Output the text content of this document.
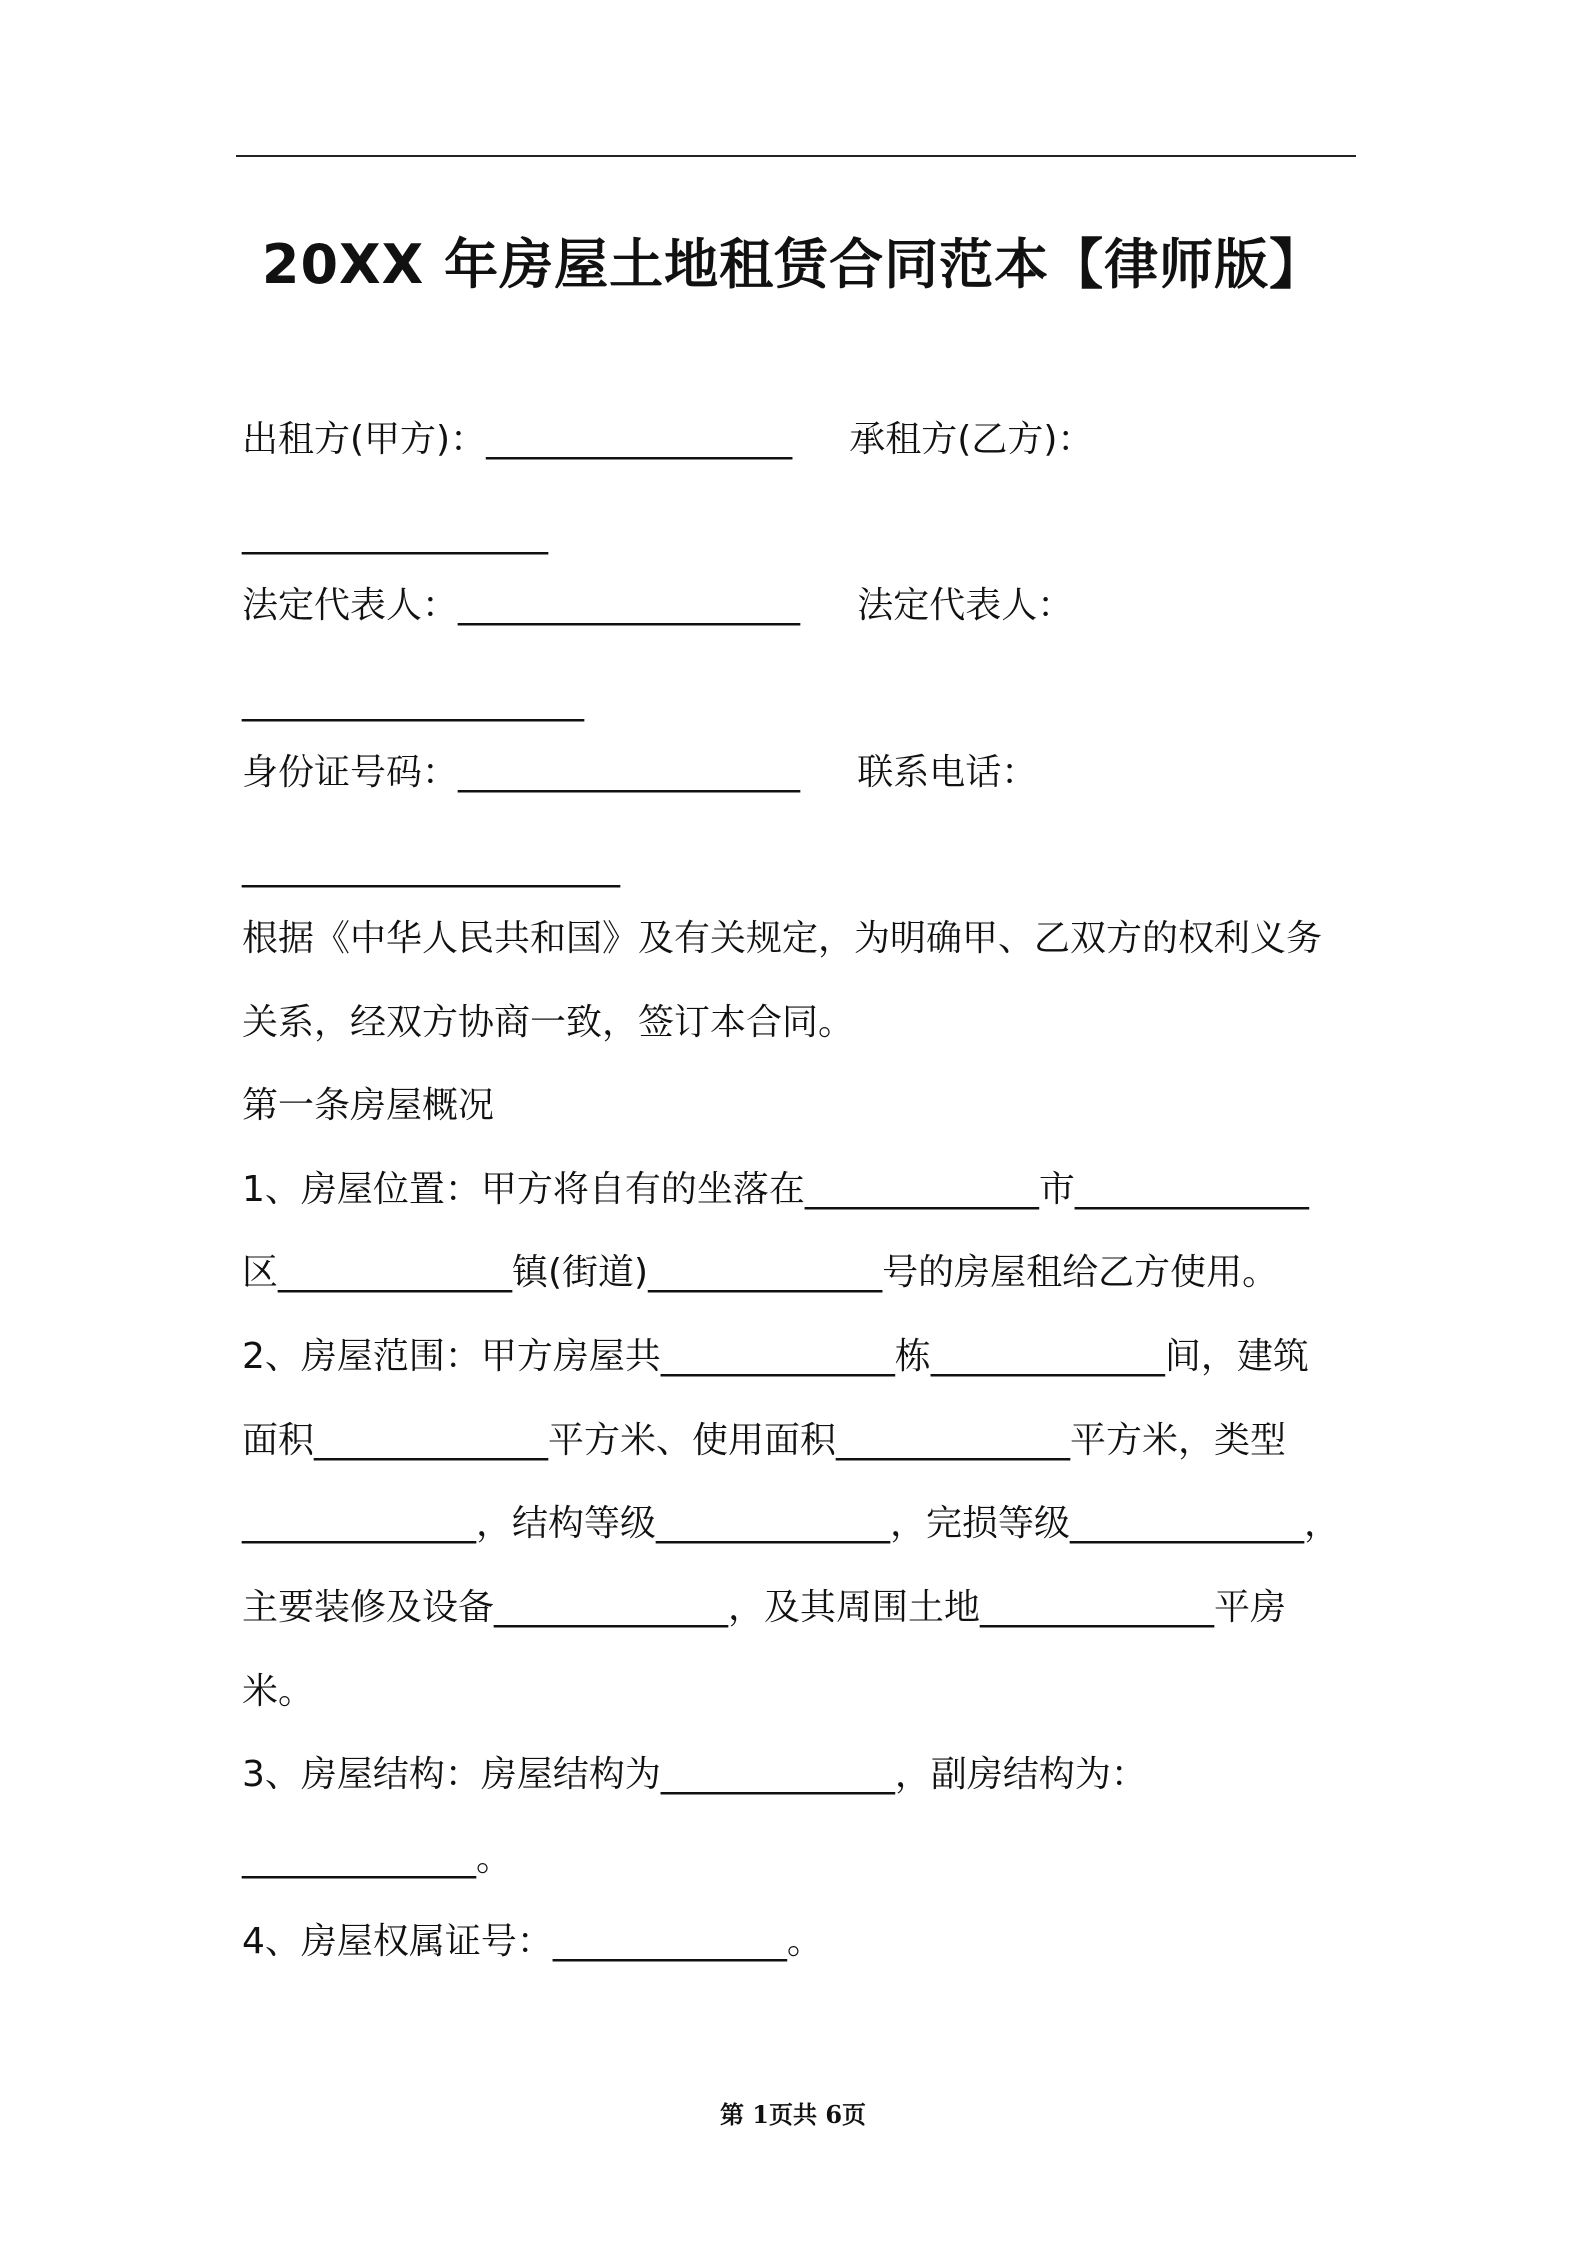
20XX 年房屋土地租赁合同范本【律师版】
出租方(甲方)：_________________     承租方(乙方)：
_________________
法定代表人：___________________     法定代表人：
___________________
身份证号码：___________________     联系电话：
_____________________
根据《中华人民共和国》及有关规定，为明确甲、乙双方的权利义务
关系，经双方协商一致，签订本合同。
第一条房屋概况
1、房屋位置：甲方将自有的坐落在_____________市_____________
区_____________镇(街道)_____________号的房屋租给乙方使用。
2、房屋范围：甲方房屋共_____________栋_____________间，建筑
面积_____________平方米、使用面积_____________平方米，类型
_____________，结构等级_____________，完损等级_____________，
主要装修及设备_____________，及其周围土地_____________平房
米。
3、房屋结构：房屋结构为_____________，副房结构为：
_____________。
4、房屋权属证号：_____________。
第 1页共 6页
